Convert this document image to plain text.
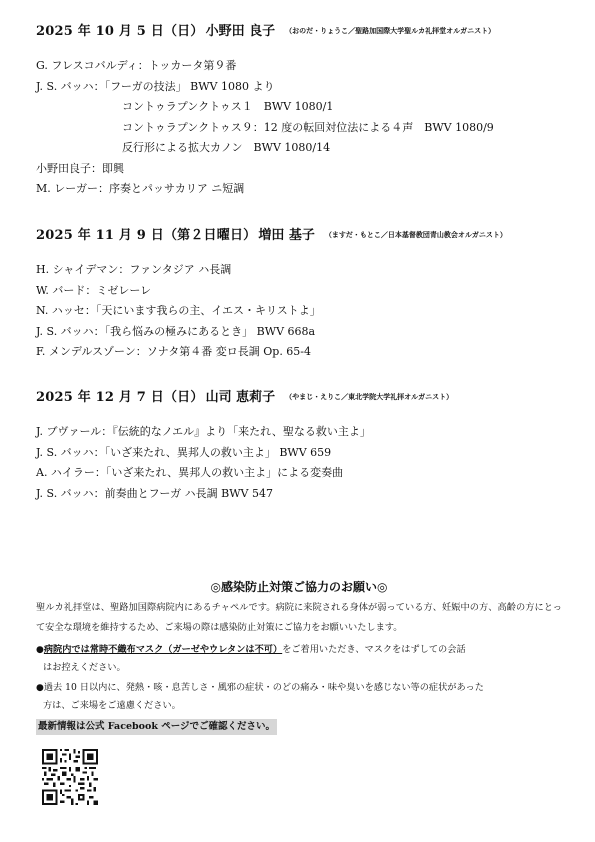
2025 年 10 月 5 日（日） 小野田 良子 （おのだ・りょうこ／聖路加国際大学聖ルカ礼拝堂オルガニスト）
G. フレスコバルディ：トッカータ第９番
J. S. バッハ：「フーガの技法」 BWV 1080 より
コントゥラプンクトゥス１　BWV 1080/1
コントゥラプンクトゥス９：12 度の転回対位法による４声　BWV 1080/9
反行形による拡大カノン　BWV 1080/14
小野田良子：即興
M. レーガー：序奏とパッサカリア ニ短調
2025 年 11 月 9 日（第２日曜日） 増田 基子 （ますだ・もとこ／日本基督教団青山教会オルガニスト）
H. シャイデマン：ファンタジア ハ長調
W. バード：ミゼレーレ
N. ハッセ：「天にいます我らの主、イエス・キリストよ」
J. S. バッハ：「我ら悩みの極みにあるとき」 BWV 668a
F. メンデルスゾーン：ソナタ第４番 変ロ長調 Op. 65-4
2025 年 12 月 7 日（日） 山司 恵莉子 （やまじ・えりこ／東北学院大学礼拝オルガニスト）
J. ブヴァール：『伝統的なノエル』より「来たれ、聖なる救い主よ」
J. S. バッハ：「いざ来たれ、異邦人の救い主よ」 BWV 659
A. ハイラー：「いざ来たれ、異邦人の救い主よ」による変奏曲
J. S. バッハ：前奏曲とフーガ ハ長調 BWV 547
◎感染防止対策ご協力のお願い◎
聖ルカ礼拝堂は、聖路加国際病院内にあるチャペルです。病院に来院される身体が弱っている方、妊娠中の方、高齢の方にとって安全な環境を維持するため、ご来場の際は感染防止対策にご協力をお願いいたします。
●病院内では常時不織布マスク（ガーゼやウレタンは不可）をご着用いただき、マスクをはずしての会話
はお控えください。
●過去 10 日以内に、発熱・咳・息苦しさ・風邪の症状・のどの痛み・味や臭いを感じない等の症状があった
方は、ご来場をご遠慮ください。
最新情報は公式 Facebook ページでご確認ください。
